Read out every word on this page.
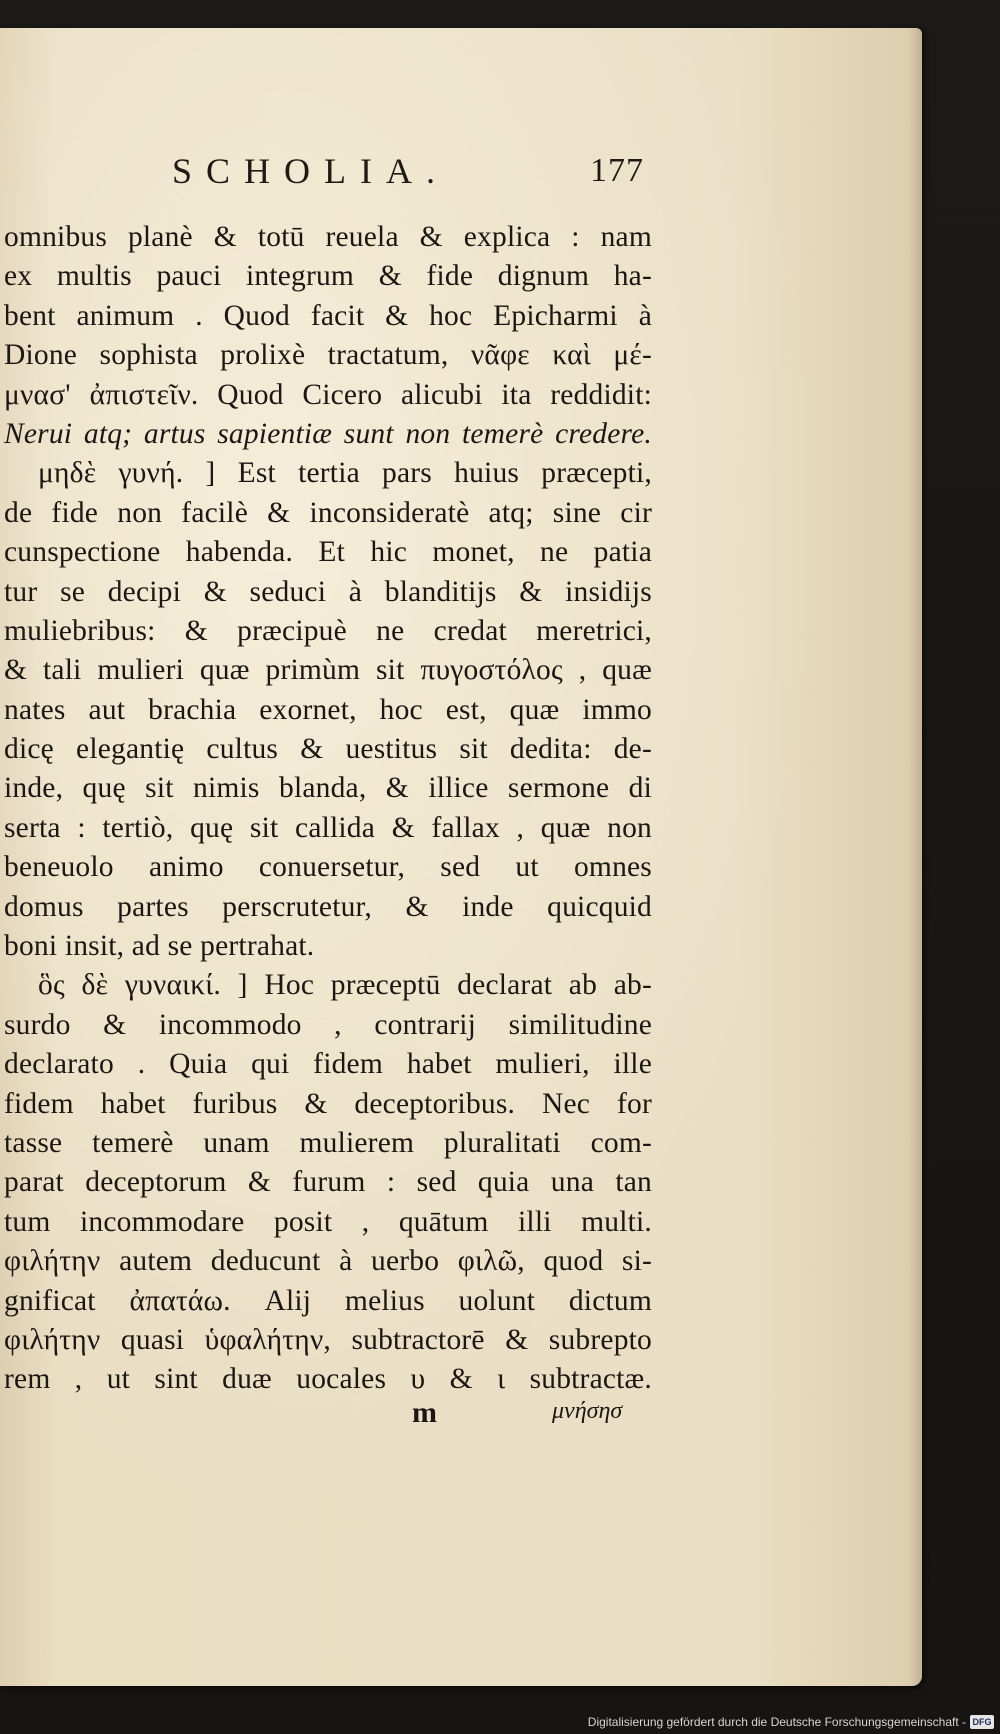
SCHOLIA.	177
omnibus planè & totū reuela & explica : nam
ex multis pauci integrum & fide dignum ha-
bent animum . Quod facit & hoc Epicharmi à
Dione sophista prolixè tractatum, νᾶφε καὶ μέ-
μνασ' ἀπιστεῖν. Quod Cicero alicubi ita reddidit:
Nerui atq; artus sapientiæ sunt non temerè credere.
μηδὲ γυνή. ] Est tertia pars huius præcepti,
de fide non facilè & inconsideratè atq; sine cir
cunspectione habenda. Et hic monet, ne patia
tur se decipi & seduci à blanditijs & insidijs
muliebribus: & præcipuè ne credat meretrici,
& tali mulieri quæ primùm sit πυγοστόλος , quæ
nates aut brachia exornet, hoc est, quæ immo
dicę elegantię cultus & uestitus sit dedita: de-
inde, quę sit nimis blanda, & illice sermone di
serta : tertiò, quę sit callida & fallax , quæ non
beneuolo animo conuersetur, sed ut omnes
domus partes perscrutetur, & inde quicquid
boni insit, ad se pertrahat.
ὃς δὲ γυναικί. ] Hoc præceptū declarat ab ab-
surdo & incommodo , contrarij similitudine
declarato . Quia qui fidem habet mulieri, ille
fidem habet furibus & deceptoribus. Nec for
tasse temerè unam mulierem pluralitati com-
parat deceptorum & furum : sed quia una tan
tum incommodare posit , quātum illi multi.
φιλήτην autem deducunt à uerbo φιλῶ, quod si-
gnificat ἀπατάω. Alij melius uolunt dictum
φιλήτην quasi ὑφαλήτην, subtractorē & subrepto
rem , ut sint duæ uocales υ & ι subtractæ.
m	μνήσησ
Digitalisierung gefördert durch die Deutsche Forschungsgemeinschaft - DFG
